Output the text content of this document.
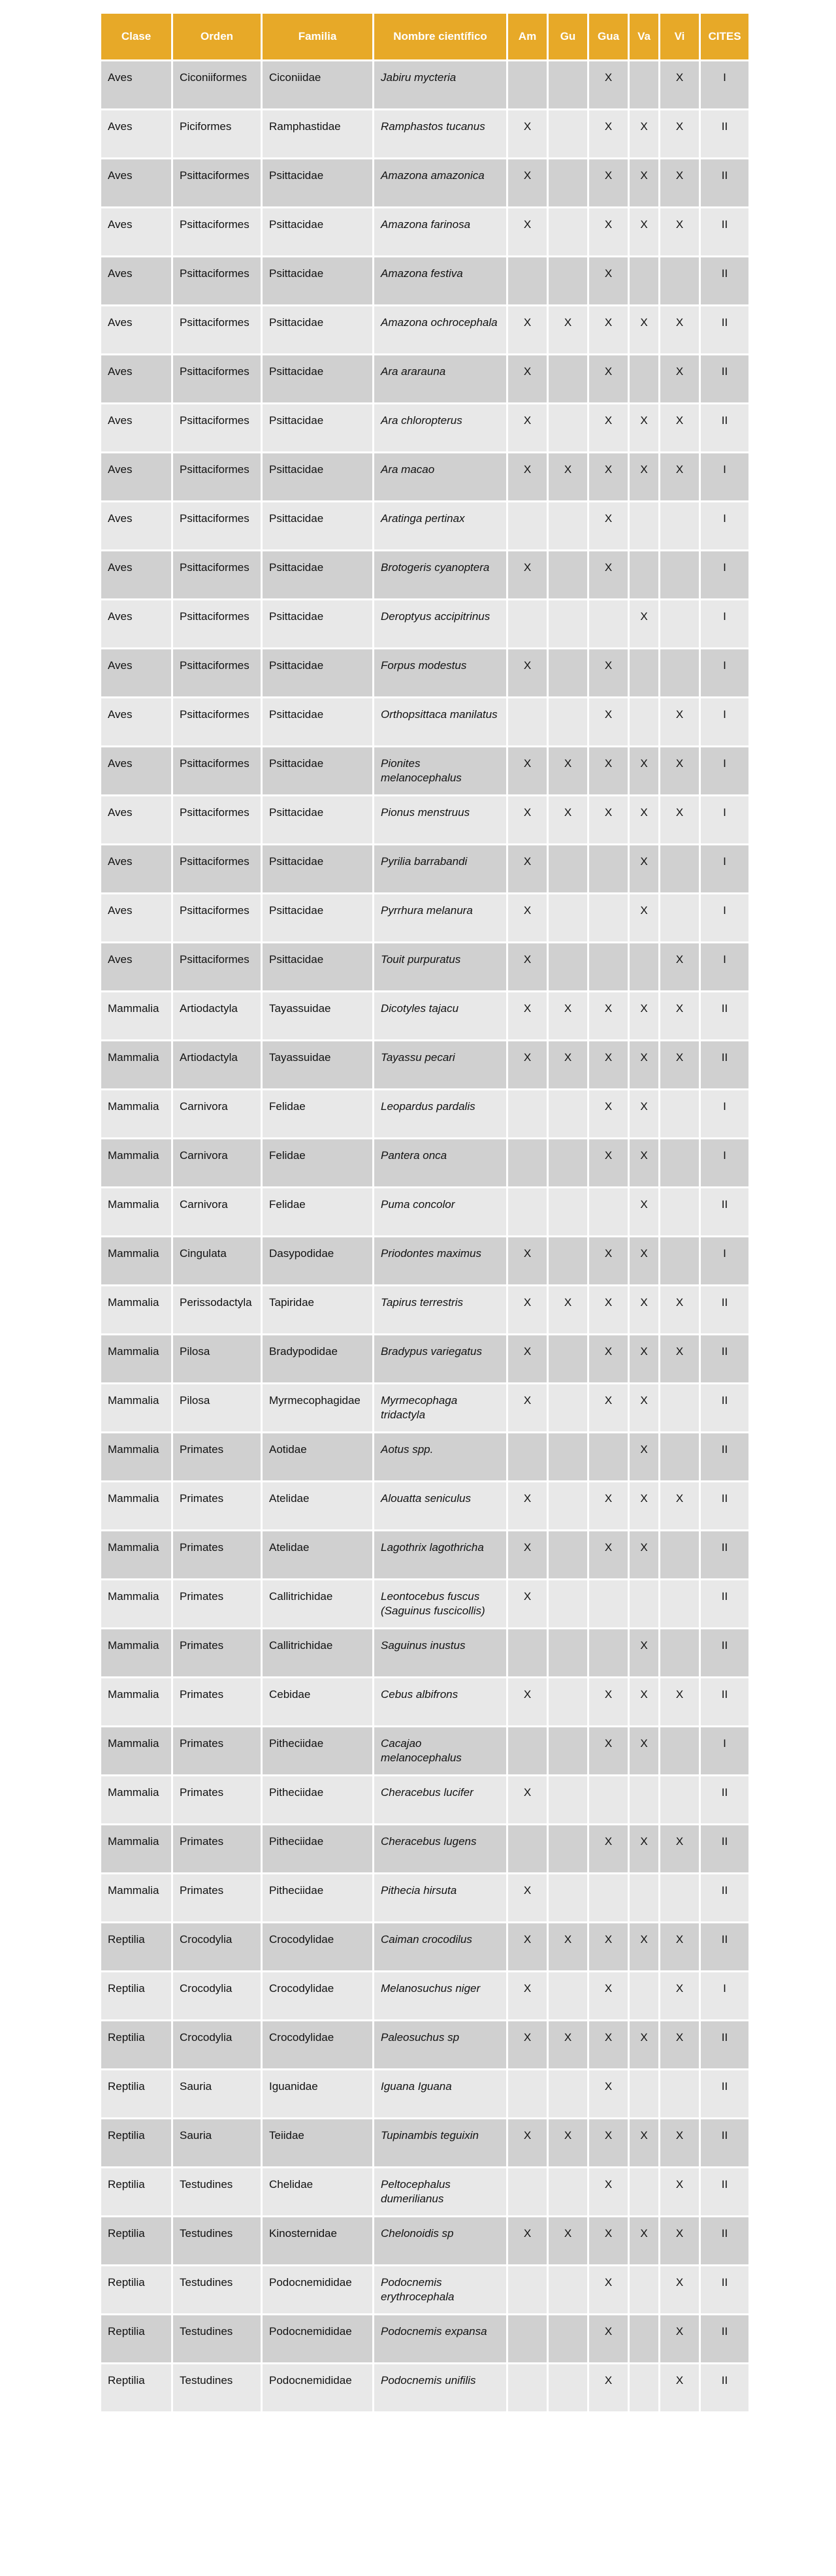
Clase	Orden	Familia	Nombre científico	Am	Gu	Gua	Va	Vi	CITES
Aves	Ciconiiformes	Ciconiidae	Jabiru mycteria			X		X	I
Aves	Piciformes	Ramphastidae	Ramphastos tucanus	X		X	X	X	II
Aves	Psittaciformes	Psittacidae	Amazona amazonica	X		X	X	X	II
Aves	Psittaciformes	Psittacidae	Amazona farinosa	X		X	X	X	II
Aves	Psittaciformes	Psittacidae	Amazona festiva			X			II
Aves	Psittaciformes	Psittacidae	Amazona ochrocephala	X	X	X	X	X	II
Aves	Psittaciformes	Psittacidae	Ara ararauna	X		X		X	II
Aves	Psittaciformes	Psittacidae	Ara chloropterus	X		X	X	X	II
Aves	Psittaciformes	Psittacidae	Ara macao	X	X	X	X	X	I
Aves	Psittaciformes	Psittacidae	Aratinga pertinax			X			I
Aves	Psittaciformes	Psittacidae	Brotogeris cyanoptera	X		X			I
Aves	Psittaciformes	Psittacidae	Deroptyus accipitrinus				X		I
Aves	Psittaciformes	Psittacidae	Forpus modestus	X		X			I
Aves	Psittaciformes	Psittacidae	Orthopsittaca manilatus			X		X	I
Aves	Psittaciformes	Psittacidae	Pionites melanocephalus	X	X	X	X	X	I
Aves	Psittaciformes	Psittacidae	Pionus menstruus	X	X	X	X	X	I
Aves	Psittaciformes	Psittacidae	Pyrilia barrabandi	X			X		I
Aves	Psittaciformes	Psittacidae	Pyrrhura melanura	X			X		I
Aves	Psittaciformes	Psittacidae	Touit purpuratus	X				X	I
Mammalia	Artiodactyla	Tayassuidae	Dicotyles tajacu	X	X	X	X	X	II
Mammalia	Artiodactyla	Tayassuidae	Tayassu pecari	X	X	X	X	X	II
Mammalia	Carnivora	Felidae	Leopardus pardalis			X	X		I
Mammalia	Carnivora	Felidae	Pantera onca			X	X		I
Mammalia	Carnivora	Felidae	Puma concolor				X		II
Mammalia	Cingulata	Dasypodidae	Priodontes maximus	X		X	X		I
Mammalia	Perissodactyla	Tapiridae	Tapirus terrestris	X	X	X	X	X	II
Mammalia	Pilosa	Bradypodidae	Bradypus variegatus	X		X	X	X	II
Mammalia	Pilosa	Myrmecophagidae	Myrmecophaga tridactyla	X		X	X		II
Mammalia	Primates	Aotidae	Aotus spp.				X		II
Mammalia	Primates	Atelidae	Alouatta seniculus	X		X	X	X	II
Mammalia	Primates	Atelidae	Lagothrix lagothricha	X		X	X		II
Mammalia	Primates	Callitrichidae	Leontocebus fuscus (Saguinus fuscicollis)	X					II
Mammalia	Primates	Callitrichidae	Saguinus inustus				X		II
Mammalia	Primates	Cebidae	Cebus albifrons	X		X	X	X	II
Mammalia	Primates	Pitheciidae	Cacajao melanocephalus			X	X		I
Mammalia	Primates	Pitheciidae	Cheracebus lucifer	X					II
Mammalia	Primates	Pitheciidae	Cheracebus lugens			X	X	X	II
Mammalia	Primates	Pitheciidae	Pithecia hirsuta	X					II
Reptilia	Crocodylia	Crocodylidae	Caiman crocodilus	X	X	X	X	X	II
Reptilia	Crocodylia	Crocodylidae	Melanosuchus niger	X		X		X	I
Reptilia	Crocodylia	Crocodylidae	Paleosuchus sp	X	X	X	X	X	II
Reptilia	Sauria	Iguanidae	Iguana Iguana			X			II
Reptilia	Sauria	Teiidae	Tupinambis teguixin	X	X	X	X	X	II
Reptilia	Testudines	Chelidae	Peltocephalus dumerilianus			X		X	II
Reptilia	Testudines	Kinosternidae	Chelonoidis sp	X	X	X	X	X	II
Reptilia	Testudines	Podocnemididae	Podocnemis erythrocephala			X		X	II
Reptilia	Testudines	Podocnemididae	Podocnemis expansa			X		X	II
Reptilia	Testudines	Podocnemididae	Podocnemis unifilis			X		X	II
